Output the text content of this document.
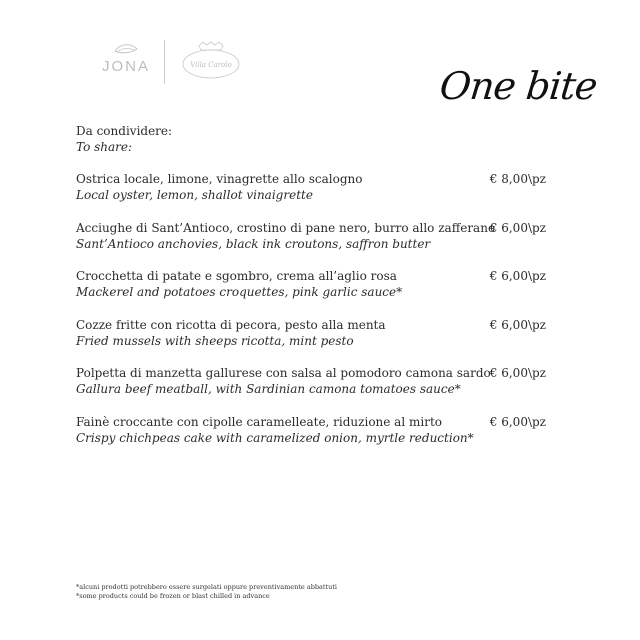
JONA
	Villa Carolo	One bite
Da condividere:
To share:
Ostrica locale, limone, vinagrette allo scalogno
Local oyster, lemon, shallot vinaigrette
€ 8,00\pz
Acciughe di Sant’Antioco, crostino di pane nero, burro allo zafferano
Sant’Antioco anchovies, black ink croutons, saffron butter
€ 6,00\pz
Crocchetta di patate e sgombro, crema all’aglio rosa
Mackerel and potatoes croquettes, pink garlic sauce*
€ 6,00\pz
Cozze fritte con ricotta di pecora, pesto alla menta
Fried mussels with sheeps ricotta, mint pesto
€ 6,00\pz
Polpetta di manzetta gallurese con salsa al pomodoro camona sardo
Gallura beef meatball, with Sardinian camona tomatoes sauce*
€ 6,00\pz
Fainè croccante con cipolle caramelleate, riduzione al mirto
Crispy chichpeas cake with caramelized onion, myrtle reduction*
€ 6,00\pz
*alcuni prodotti potrebbero essere surgelati oppure preventivamente abbattuti
*some products could be frozen or blast chilled in advance
